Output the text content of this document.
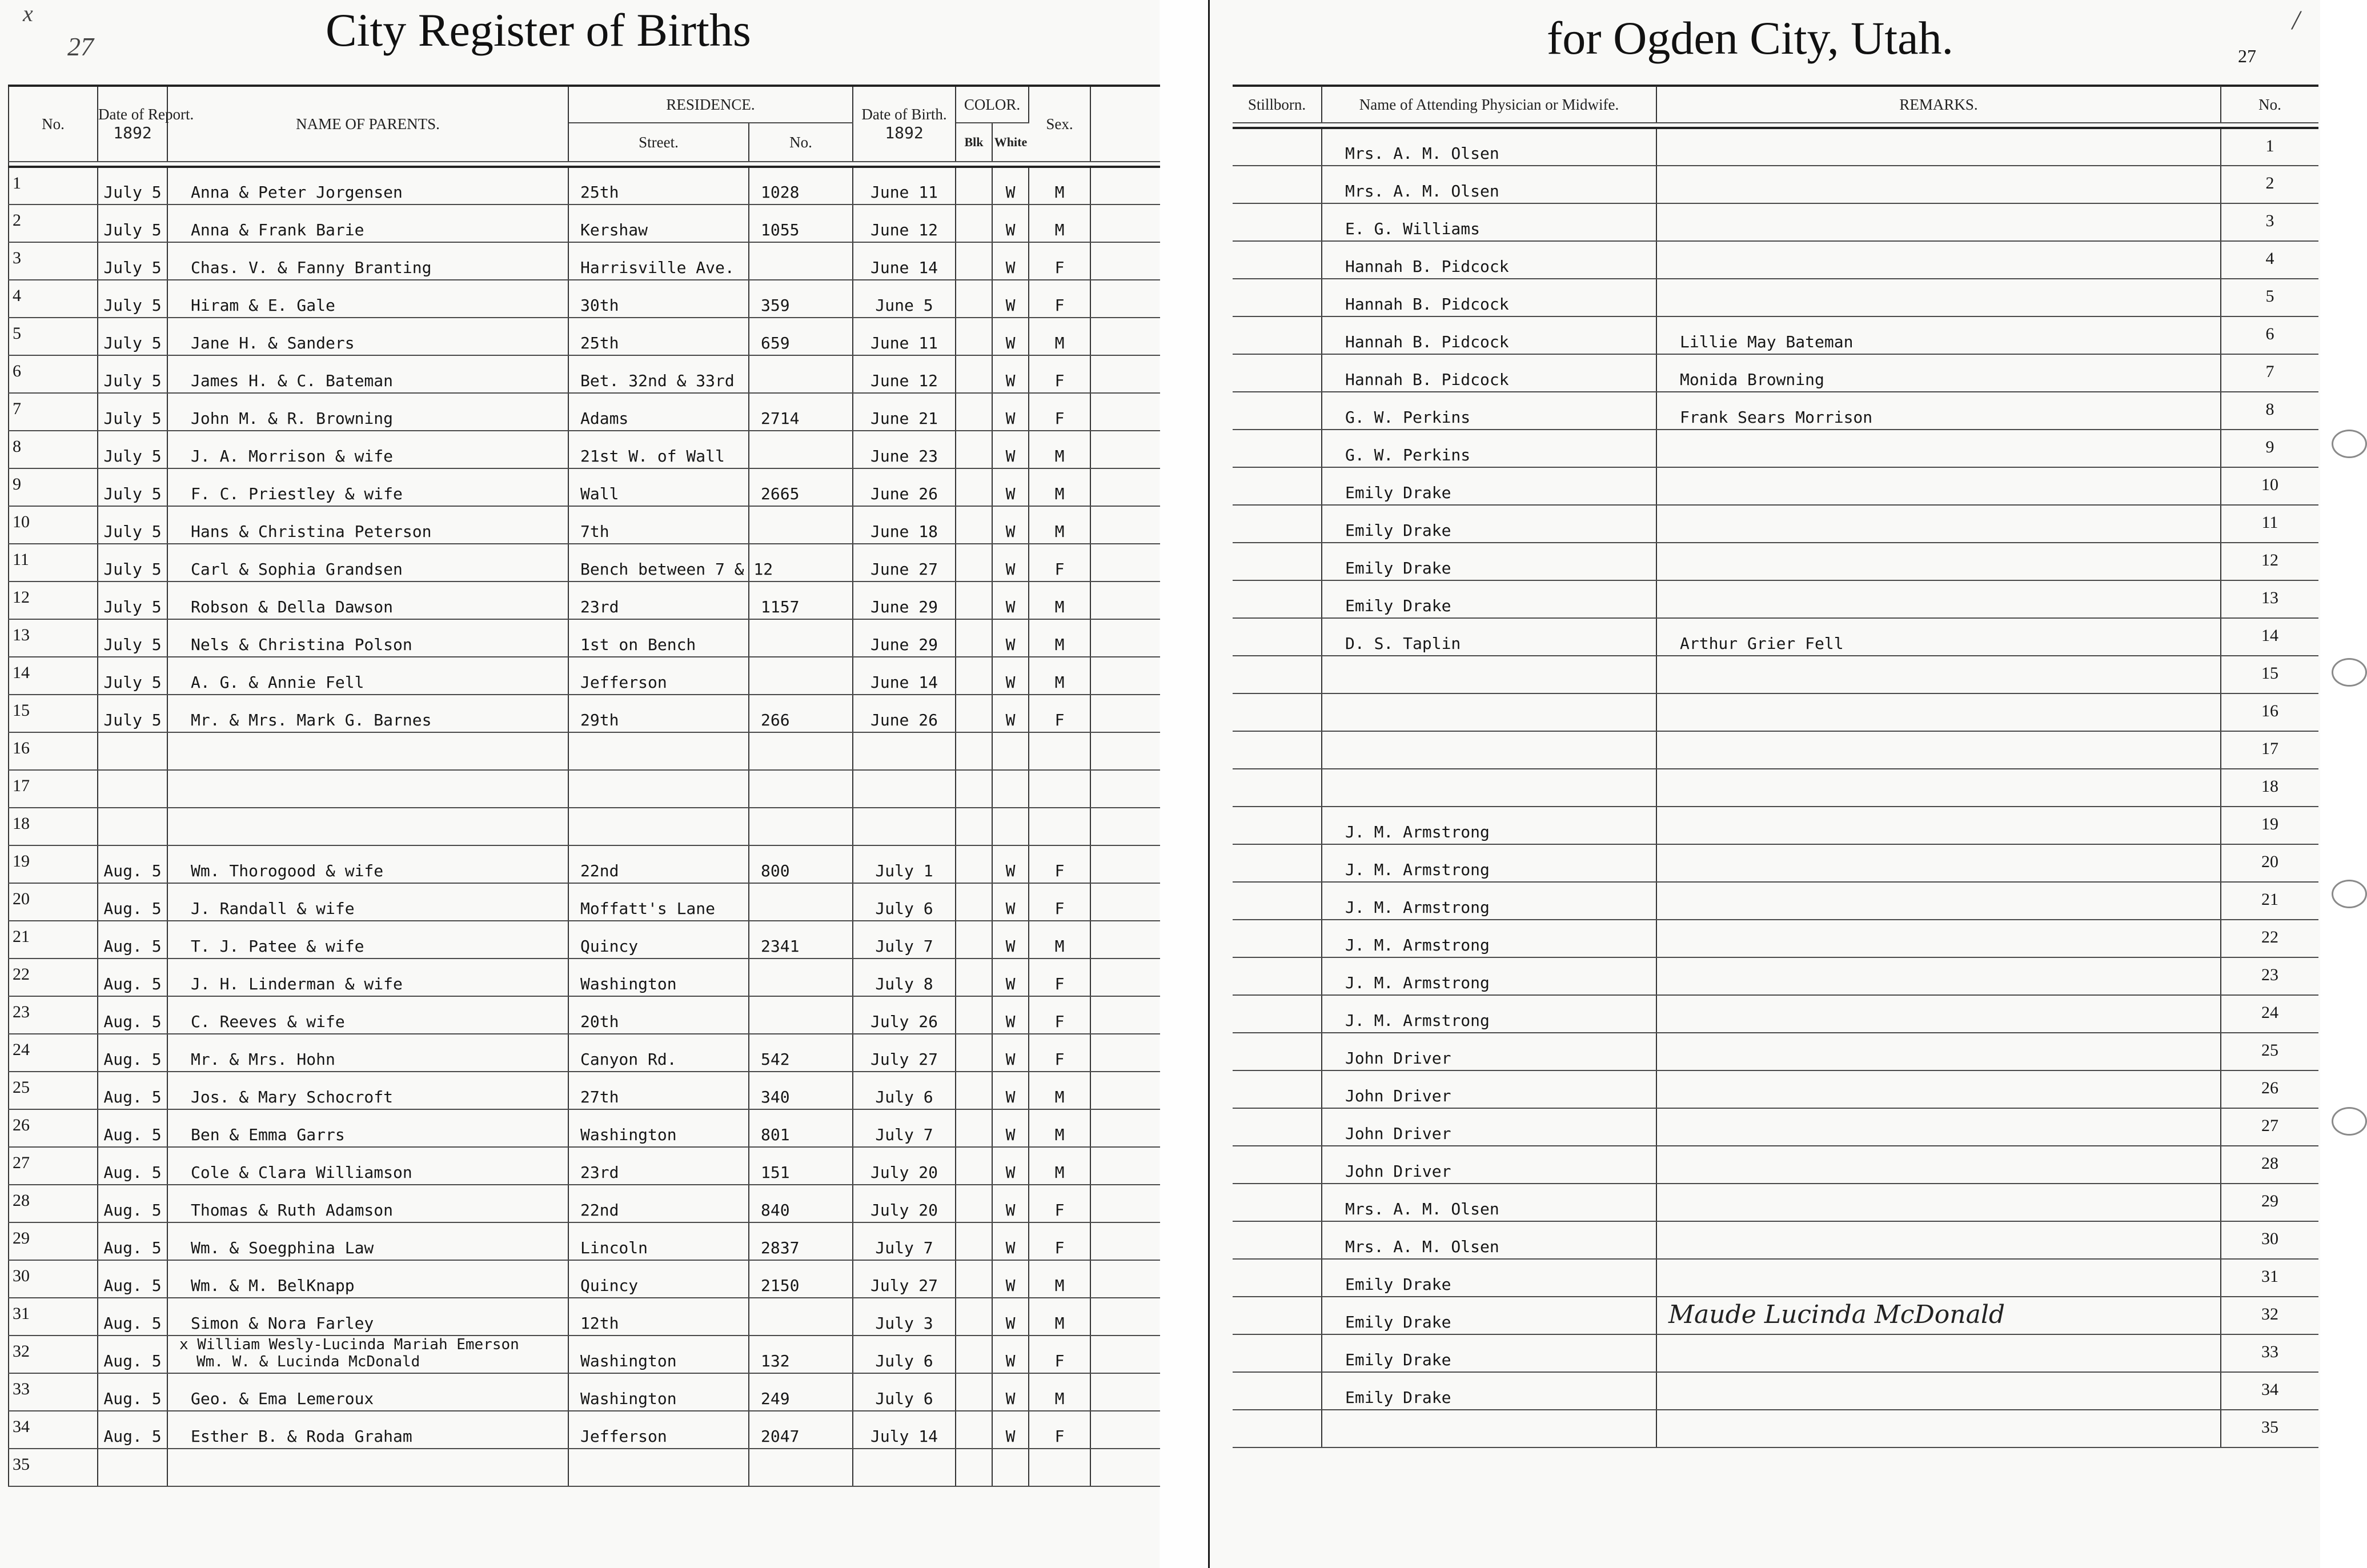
x
27	City Register of Births	for Ogden City, Utah.	27
/
No.	Date of Report.
1892	NAME OF PARENTS.	RESIDENCE.		Date of Birth.
1892	COLOR.		Sex.	
			Street.	No.		Blk	White		

1	July 5	Anna & Peter Jorgensen	25th	1028	June 11		W	M	
2	July 5	Anna & Frank Barie	Kershaw	1055	June 12		W	M	
3	July 5	Chas. V. & Fanny Branting	Harrisville Ave.		June 14		W	F	
4	July 5	Hiram & E. Gale	30th	359	June 5		W	F	
5	July 5	Jane H. & Sanders	25th	659	June 11		W	M	
6	July 5	James H. & C. Bateman	Bet. 32nd & 33rd		June 12		W	F	
7	July 5	John M. & R. Browning	Adams	2714	June 21		W	F	
8	July 5	J. A. Morrison & wife	21st W. of Wall		June 23		W	M	
9	July 5	F. C. Priestley & wife	Wall	2665	June 26		W	M	
10	July 5	Hans & Christina Peterson	7th		June 18		W	M	
11	July 5	Carl & Sophia Grandsen	Bench between 7 & 12		June 27		W	F	
12	July 5	Robson & Della Dawson	23rd	1157	June 29		W	M	
13	July 5	Nels & Christina Polson	1st on Bench		June 29		W	M	
14	July 5	A. G. & Annie Fell	Jefferson		June 14		W	M	
15	July 5	Mr. & Mrs. Mark G. Barnes	29th	266	June 26		W	F	
16									
17									
18									
19	Aug. 5	Wm. Thorogood & wife	22nd	800	July 1		W	F	
20	Aug. 5	J. Randall & wife	Moffatt's Lane		July 6		W	F	
21	Aug. 5	T. J. Patee & wife	Quincy	2341	July 7		W	M	
22	Aug. 5	J. H. Linderman & wife	Washington		July 8		W	F	
23	Aug. 5	C. Reeves & wife	20th		July 26		W	F	
24	Aug. 5	Mr. & Mrs. Hohn	Canyon Rd.	542	July 27		W	F	
25	Aug. 5	Jos. & Mary Schocroft	27th	340	July 6		W	M	
26	Aug. 5	Ben & Emma Garrs	Washington	801	July 7		W	M	
27	Aug. 5	Cole & Clara Williamson	23rd	151	July 20		W	M	
28	Aug. 5	Thomas & Ruth Adamson	22nd	840	July 20		W	F	
29	Aug. 5	Wm. & Soegphina Law	Lincoln	2837	July 7		W	F	
30	Aug. 5	Wm. & M. BelKnapp	Quincy	2150	July 27		W	M	
31	Aug. 5	Simon & Nora Farley	12th		July 3		W	M	
32	Aug. 5	x William Wesly-Lucinda Mariah Emerson
Wm. W. & Lucinda McDonald	Washington	132	July 6		W	F	
33	Aug. 5	Geo. & Ema Lemeroux	Washington	249	July 6		W	M	
34	Aug. 5	Esther B. & Roda Graham	Jefferson	2047	July 14		W	F	
35									
Stillborn.	Name of Attending Physician or Midwife.	REMARKS.	No.

	Mrs. A. M. Olsen		1
	Mrs. A. M. Olsen		2
	E. G. Williams		3
	Hannah B. Pidcock		4
	Hannah B. Pidcock		5
	Hannah B. Pidcock	Lillie May Bateman	6
	Hannah B. Pidcock	Monida Browning	7
	G. W. Perkins	Frank Sears Morrison	8
	G. W. Perkins		9
	Emily Drake		10
	Emily Drake		11
	Emily Drake		12
	Emily Drake		13
	D. S. Taplin	Arthur Grier Fell	14
			15
			16
			17
			18
	J. M. Armstrong		19
	J. M. Armstrong		20
	J. M. Armstrong		21
	J. M. Armstrong		22
	J. M. Armstrong		23
	J. M. Armstrong		24
	John Driver		25
	John Driver		26
	John Driver		27
	John Driver		28
	Mrs. A. M. Olsen		29
	Mrs. A. M. Olsen		30
	Emily Drake		31
	Emily Drake	Maude Lucinda McDonald	32
	Emily Drake		33
	Emily Drake		34
			35
